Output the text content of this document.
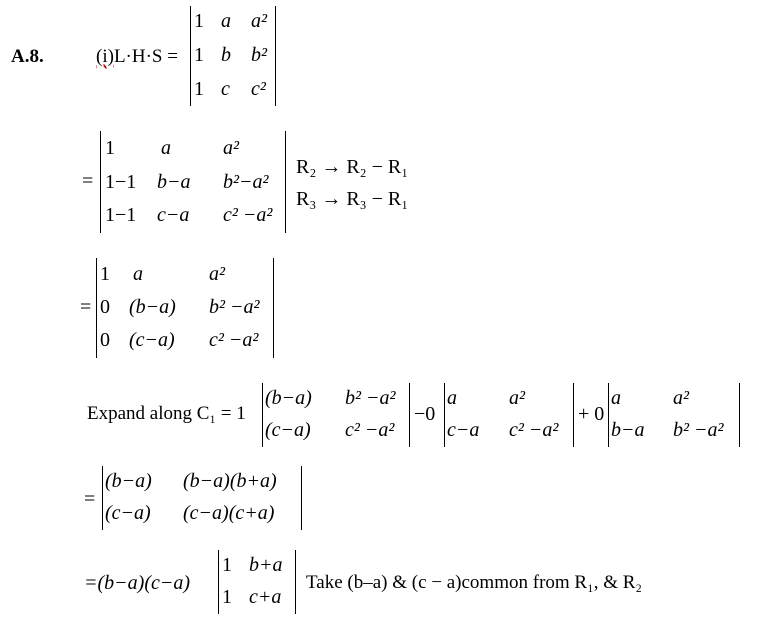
A.8.	(i)L·H·S =
1 a a²
1 b b²
1 c c²
=
1 a	a²
1−1 b−a b²−a²
1−1 c−a c² −a²
R₂ → R₂ − R₁
R₃ → R₃ − R₁
=
1 a	a²
0 (b−a) b² −a²
0 (c−a) c² −a²
Expand along C₁ = 1
(b−a) b² −a²
(c−a) c² −a²
−0
a	a²
c−a c² −a²
+ 0
a	a²
b−a b² −a²
=
(b−a) (b−a)(b+a)
(c−a) (c−a)(c+a)
=(b−a)(c−a)
1 b+a
1 c+a
Take (b–a) & (c − a)common from R₁, & R₂
